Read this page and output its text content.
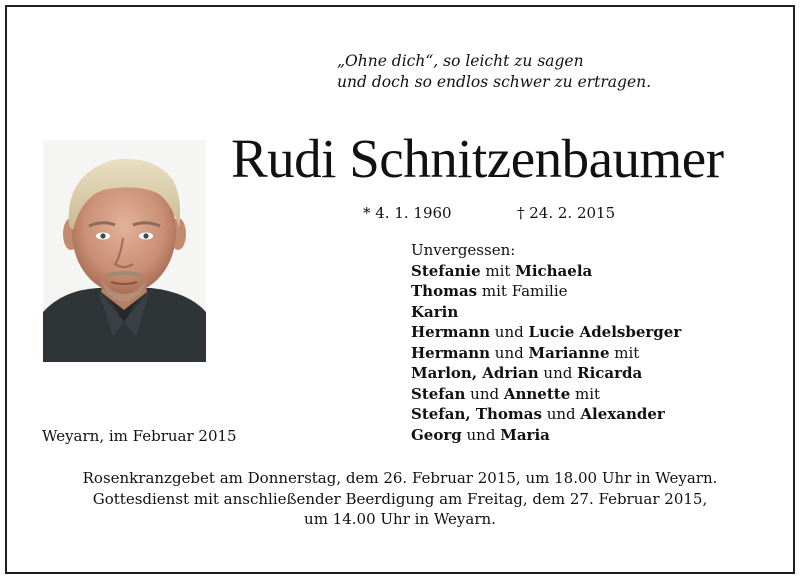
„Ohne dich“, so leicht zu sagen
und doch so endlos schwer zu ertragen.
Rudi Schnitzenbaumer
* 4. 1. 1960	† 24. 2. 2015
Unvergessen:
Stefanie mit Michaela
Thomas mit Familie
Karin
Hermann und Lucie Adelsberger
Hermann und Marianne mit
Marlon, Adrian und Ricarda
Stefan und Annette mit
Stefan, Thomas und Alexander
Georg und Maria
Weyarn, im Februar 2015
Rosenkranzgebet am Donnerstag, dem 26. Februar 2015, um 18.00 Uhr in Weyarn.
Gottesdienst mit anschließender Beerdigung am Freitag, dem 27. Februar 2015,
um 14.00 Uhr in Weyarn.
